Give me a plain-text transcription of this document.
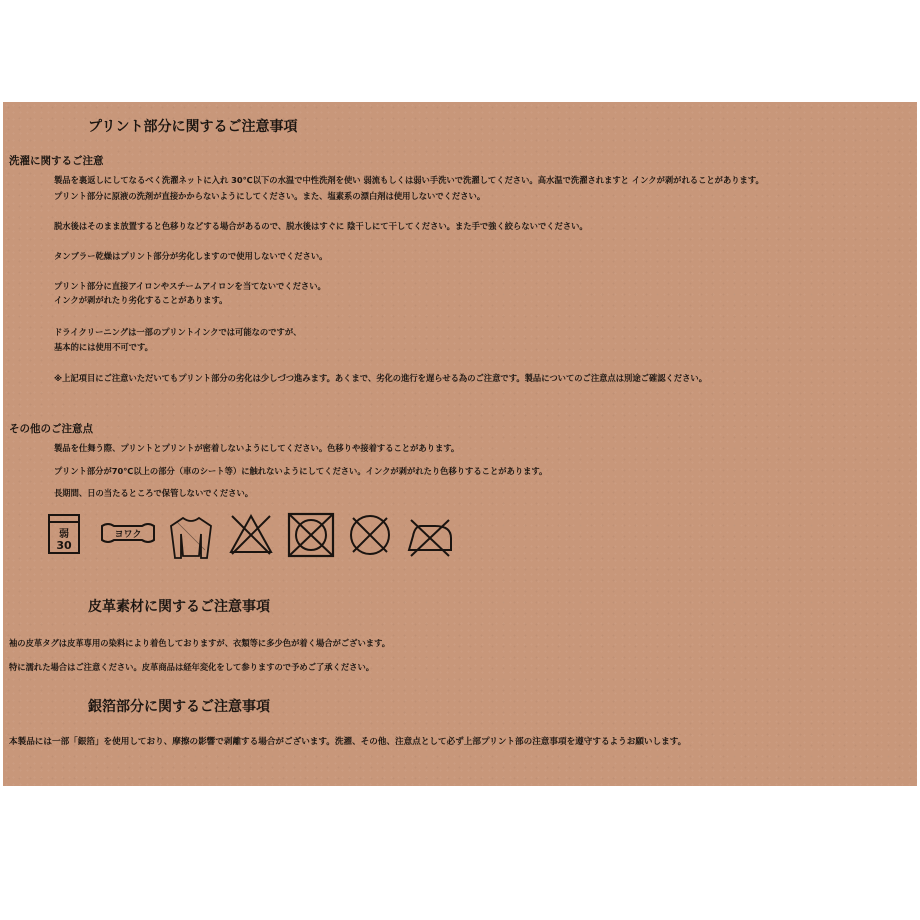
プリント部分に関するご注意事項
洗濯に関するご注意
製品を裏返しにしてなるべく洗濯ネットに入れ 30℃以下の水温で中性洗剤を使い 弱流もしくは弱い手洗いで洗濯してください。高水温で洗濯されますと インクが剥がれることがあります。
プリント部分に原液の洗剤が直接かからないようにしてください。また、塩素系の漂白剤は使用しないでください。
脱水後はそのまま放置すると色移りなどする場合があるので、脱水後はすぐに 陰干しにて干してください。また手で強く絞らないでください。
タンブラー乾燥はプリント部分が劣化しますので使用しないでください。
プリント部分に直接アイロンやスチームアイロンを当てないでください。
インクが剥がれたり劣化することがあります。
ドライクリーニングは一部のプリントインクでは可能なのですが、
基本的には使用不可です。
※上記項目にご注意いただいてもプリント部分の劣化は少しづつ進みます。あくまで、劣化の進行を遅らせる為のご注意です。製品についてのご注意点は別途ご確認ください。
その他のご注意点
製品を仕舞う際、プリントとプリントが密着しないようにしてください。色移りや接着することがあります。
プリント部分が70℃以上の部分（車のシート等）に触れないようにしてください。インクが剥がれたり色移りすることがあります。
長期間、日の当たるところで保管しないでください。
弱
30
ヨワク
皮革素材に関するご注意事項
袖の皮革タグは皮革専用の染料により着色しておりますが、衣類等に多少色が着く場合がございます。
特に濡れた場合はご注意ください。皮革商品は経年変化をして参りますので予めご了承ください。
銀箔部分に関するご注意事項
本製品には一部「銀箔」を使用しており、摩擦の影響で剥離する場合がございます。洗濯、その他、注意点として必ず上部プリント部の注意事項を遵守するようお願いします。
